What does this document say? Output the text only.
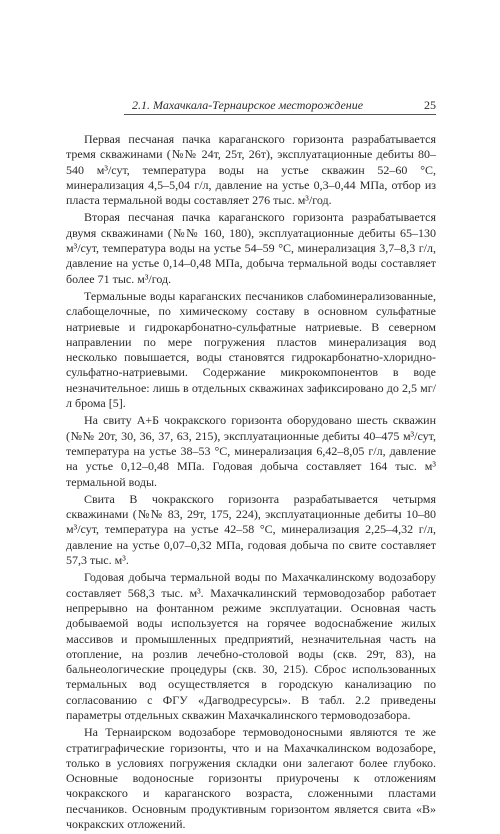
2.1. Махачкала-Тернаирское месторождение	25

Первая песчаная пачка караганского горизонта разрабатывается тремя скважинами (№№ 24т, 25т, 26т), эксплуатационные дебиты 80–540 м³/сут, температура воды на устье скважин 52–60 °С, минерализация 4,5–5,04 г/л, давление на устье 0,3–0,44 МПа, отбор из пласта термальной воды составляет 276 тыс. м³/год.

Вторая песчаная пачка караганского горизонта разрабатывается двумя скважинами (№№ 160, 180), эксплуатационные дебиты 65–130 м³/сут, температура воды на устье 54–59 °С, минерализация 3,7–8,3 г/л, давление на устье 0,14–0,48 МПа, добыча термальной воды составляет более 71 тыс. м³/год.

Термальные воды караганских песчаников слабоминерализованные, слабощелочные, по химическому составу в основном сульфатные натриевые и гидрокарбонатно-сульфатные натриевые. В северном направлении по мере погружения пластов минерализация вод несколько повышается, воды становятся гидрокарбонатно-хлоридно-сульфатно-натриевыми. Содержание микрокомпонентов в воде незначительное: лишь в отдельных скважинах зафиксировано до 2,5 мг/л брома [5].

На свиту А+Б чокракского горизонта оборудовано шесть скважин (№№ 20т, 30, 36, 37, 63, 215), эксплуатационные дебиты 40–475 м³/сут, температура на устье 38–53 °С, минерализация 6,42–8,05 г/л, давление на устье 0,12–0,48 МПа. Годовая добыча составляет 164 тыс. м³ термальной воды.

Свита В чокракского горизонта разрабатывается четырмя скважинами (№№ 83, 29т, 175, 224), эксплуатационные дебиты 10–80 м³/сут, температура на устье 42–58 °С, минерализация 2,25–4,32 г/л, давление на устье 0,07–0,32 МПа, годовая добыча по свите составляет 57,3 тыс. м³.

Годовая добыча термальной воды по Махачкалинскому водозабору составляет 568,3 тыс. м³. Махачкалинский термоводозабор работает непрерывно на фонтанном режиме эксплуатации. Основная часть добываемой воды используется на горячее водоснабжение жилых массивов и промышленных предприятий, незначительная часть на отопление, на розлив лечебно-столовой воды (скв. 29т, 83), на бальнеологические процедуры (скв. 30, 215). Сброс использованных термальных вод осуществляется в городскую канализацию по согласованию с ФГУ «Дагводресурсы». В табл. 2.2 приведены параметры отдельных скважин Махачкалинского термоводозабора.

На Тернаирском водозаборе термоводоносными являются те же стратиграфические горизонты, что и на Махачкалинском водозаборе, только в условиях погружения складки они залегают более глубоко. Основные водоносные горизонты приурочены к отложениям чокракского и караганского возраста, сложенными пластами песчаников. Основным продуктивным горизонтом является свита «В» чокракских отложений.
